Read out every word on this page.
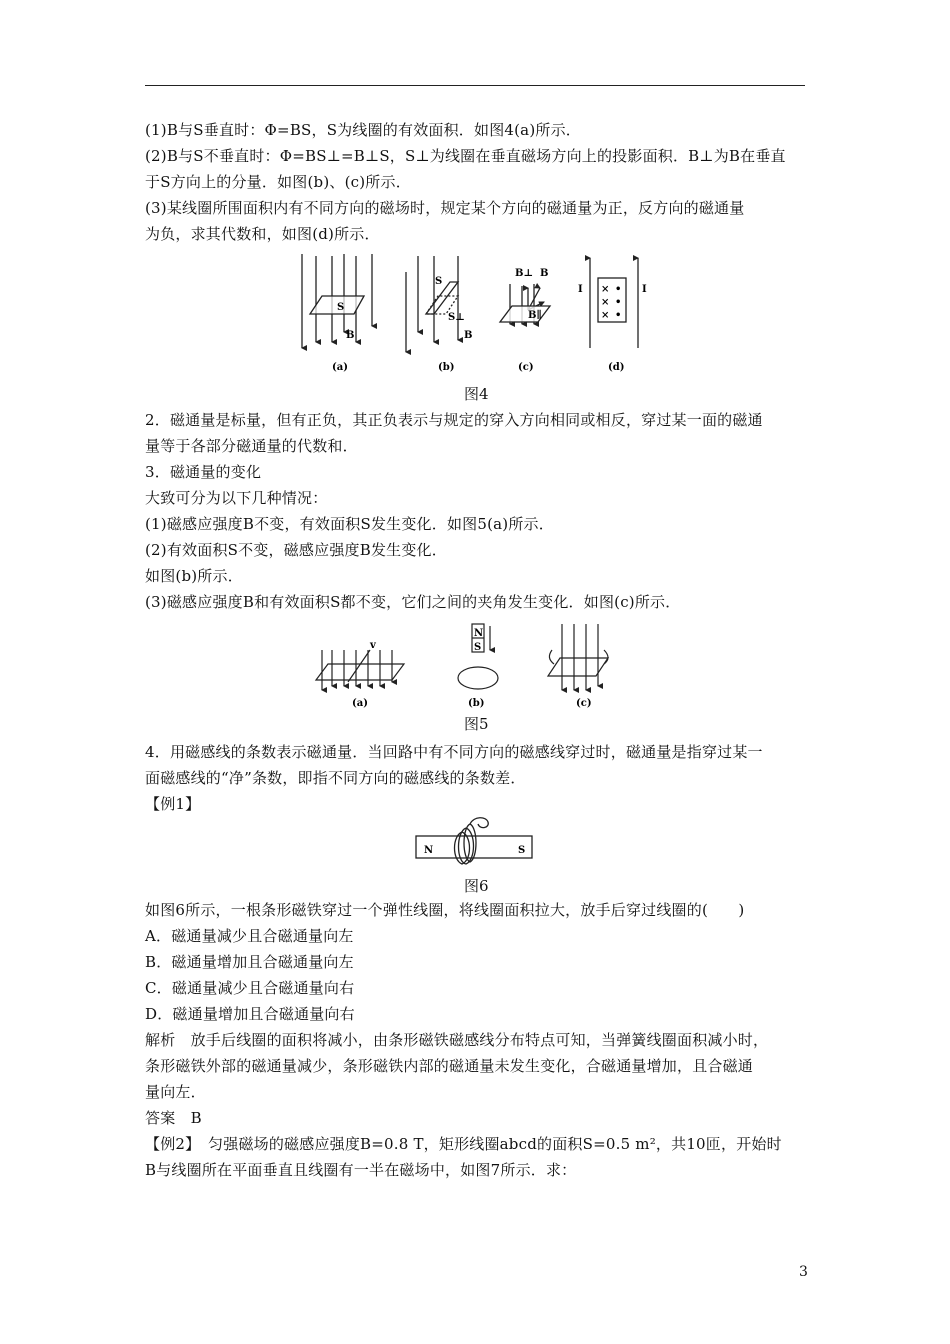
(1)B与S垂直时：Φ=BS，S为线圈的有效面积．如图4(a)所示．
(2)B与S不垂直时：Φ=BS⊥=B⊥S，S⊥为线圈在垂直磁场方向上的投影面积．B⊥为B在垂直
于S方向上的分量．如图(b)、(c)所示．
(3)某线圈所围面积内有不同方向的磁场时，规定某个方向的磁通量为正，反方向的磁通量
为负，求其代数和，如图(d)所示．
S
B
(a)
S
S⊥
B
(b)
B⊥ B
B∥
(c)
I	I
×
×
×
•
•
•
(d)
图4
2．磁通量是标量，但有正负，其正负表示与规定的穿入方向相同或相反，穿过某一面的磁通
量等于各部分磁通量的代数和．
3．磁通量的变化
大致可分为以下几种情况：
(1)磁感应强度B不变，有效面积S发生变化．如图5(a)所示．
(2)有效面积S不变，磁感应强度B发生变化．
如图(b)所示．
(3)磁感应强度B和有效面积S都不变，它们之间的夹角发生变化．如图(c)所示．
v
(a)
N
S
(b)	(c)
图5
4．用磁感线的条数表示磁通量．当回路中有不同方向的磁感线穿过时，磁通量是指穿过某一
面磁感线的“净”条数，即指不同方向的磁感线的条数差．
【例1】
N	S
图6
如图6所示，一根条形磁铁穿过一个弹性线圈，将线圈面积拉大，放手后穿过线圈的(　　)
A．磁通量减少且合磁通量向左
B．磁通量增加且合磁通量向左
C．磁通量减少且合磁通量向右
D．磁通量增加且合磁通量向右
解析　放手后线圈的面积将减小，由条形磁铁磁感线分布特点可知，当弹簧线圈面积减小时，
条形磁铁外部的磁通量减少，条形磁铁内部的磁通量未发生变化，合磁通量增加，且合磁通
量向左．
答案　B
【例2】　匀强磁场的磁感应强度B=0.8 T，矩形线圈abcd的面积S=0.5 m²，共10匝，开始时
B与线圈所在平面垂直且线圈有一半在磁场中，如图7所示．求：
3
